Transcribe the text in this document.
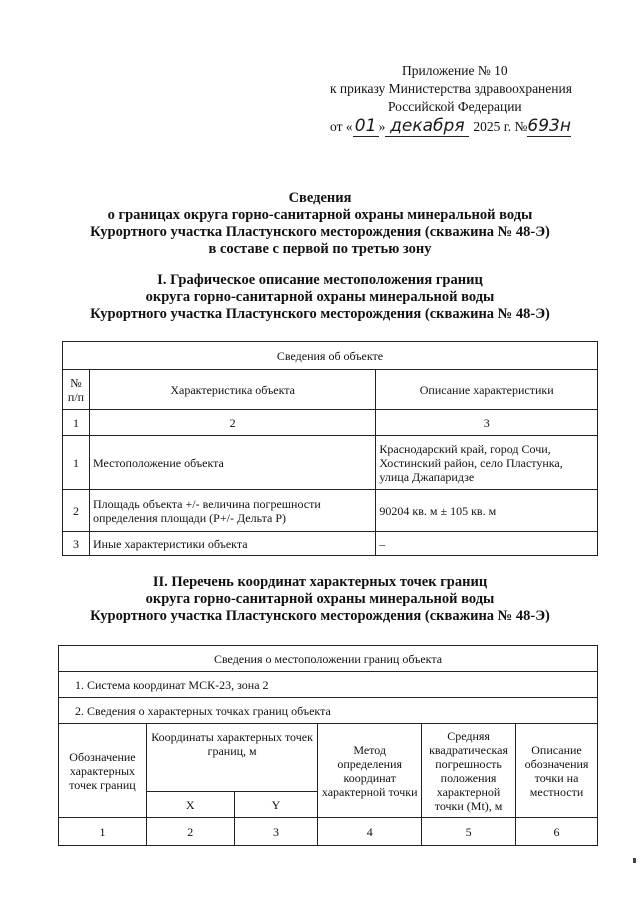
Приложение № 10
к приказу Министерства здравоохранения
Российской Федерации
от « 01 » декабря 2025 г. №693н
Сведения
о границах округа горно-санитарной охраны минеральной воды
Курортного участка Пластунского месторождения (скважина № 48-Э)
в составе с первой по третью зону
I. Графическое описание местоположения границ
округа горно-санитарной охраны минеральной воды
Курортного участка Пластунского месторождения (скважина № 48-Э)
Сведения об объекте		
№ п/п	Характеристика объекта	Описание характеристики
1	2	3
1	Местоположение объекта	Краснодарский край, город Сочи, Хостинский район, село Пластунка, улица Джапаридзе
2	Площадь объекта +/- величина погрешности определения площади (Р+/- Дельта Р)	90204 кв. м ± 105 кв. м
3	Иные характеристики объекта	–
II. Перечень координат характерных точек границ
округа горно-санитарной охраны минеральной воды
Курортного участка Пластунского месторождения (скважина № 48-Э)
Сведения о местоположении границ объекта					
1. Система координат МСК-23, зона 2					
2. Сведения о характерных точках границ объекта					
Обозначение характерных точек границ	Координаты характерных точек границ, м		Метод определения координат характерной точки	Средняя квадратическая погрешность положения характерной точки (Mt), м	Описание обозначения точки на местности
	X	Y			
1	2	3	4	5	6
